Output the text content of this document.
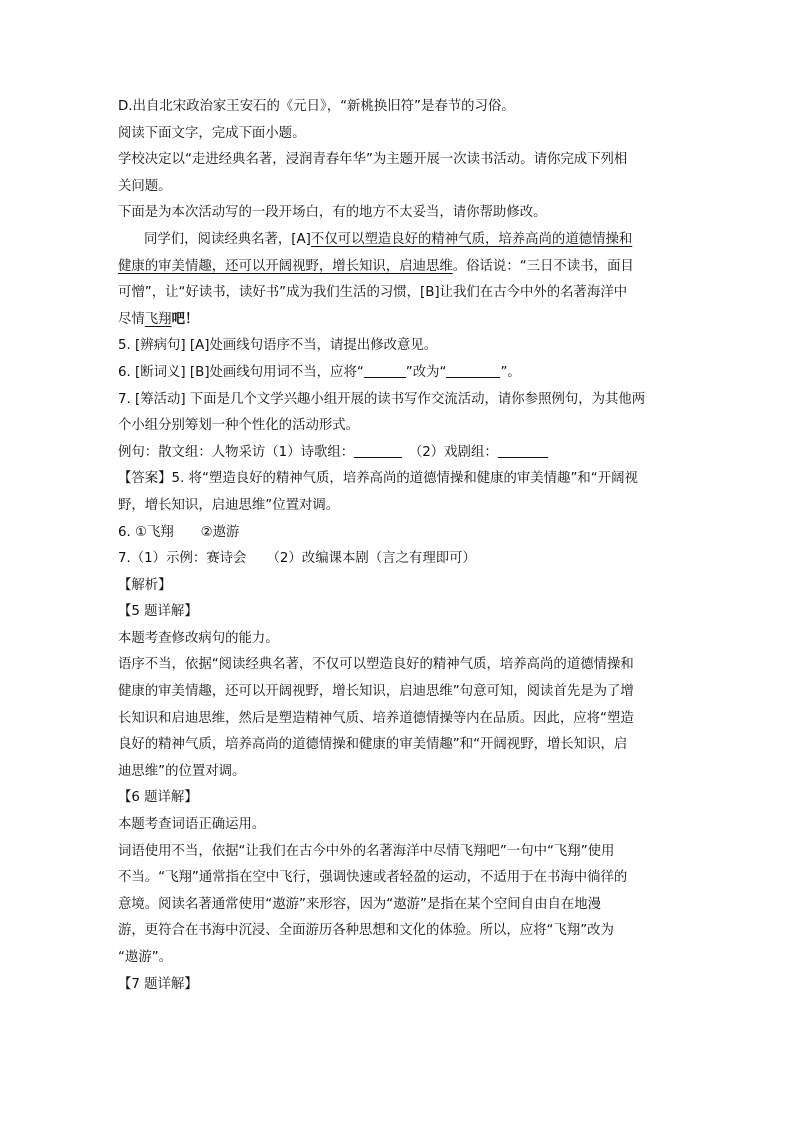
D.出自北宋政治家王安石的《元日》，“新桃换旧符”是春节的习俗。
阅读下面文字，完成下面小题。
学校决定以“走进经典名著，浸润青春年华”为主题开展一次读书活动。请你完成下列相
关问题。
下面是为本次活动写的一段开场白，有的地方不太妥当，请你帮助修改。
同学们，阅读经典名著，[A]不仅可以塑造良好的精神气质，培养高尚的道德情操和
健康的审美情趣，还可以开阔视野，增长知识，启迪思维。俗话说：“三日不读书，面目
可憎”，让“好读书，读好书”成为我们生活的习惯，[B]让我们在古今中外的名著海洋中
尽情飞翔吧！
5. [辨病句] [A]处画线句语序不当，请提出修改意见。
6. [断词义] [B]处画线句用词不当，应将“	”改为“	”。
7. [筹活动] 下面是几个文学兴趣小组开展的读书写作交流活动，请你参照例句，为其他两
个小组分别筹划一种个性化的活动形式。
例句：散文组：人物采访（1）诗歌组：　	（2）戏剧组：
【答案】5. 将“塑造良好的精神气质，培养高尚的道德情操和健康的审美情趣”和“开阔视
野，增长知识，启迪思维”位置对调。
6. ①飞翔　　②遨游
7.（1）示例：赛诗会　　（2）改编课本剧（言之有理即可）
【解析】
【5 题详解】
本题考查修改病句的能力。
语序不当，依据“阅读经典名著，不仅可以塑造良好的精神气质，培养高尚的道德情操和
健康的审美情趣，还可以开阔视野，增长知识，启迪思维”句意可知，阅读首先是为了增
长知识和启迪思维，然后是塑造精神气质、培养道德情操等内在品质。因此，应将“塑造
良好的精神气质，培养高尚的道德情操和健康的审美情趣”和“开阔视野，增长知识，启
迪思维”的位置对调。
【6 题详解】
本题考查词语正确运用。
词语使用不当，依据“让我们在古今中外的名著海洋中尽情飞翔吧”一句中“飞翔”使用
不当。“飞翔”通常指在空中飞行，强调快速或者轻盈的运动，不适用于在书海中徜徉的
意境。阅读名著通常使用“遨游”来形容，因为“遨游”是指在某个空间自由自在地漫
游，更符合在书海中沉浸、全面游历各种思想和文化的体验。所以，应将“飞翔”改为
“遨游”。
【7 题详解】
